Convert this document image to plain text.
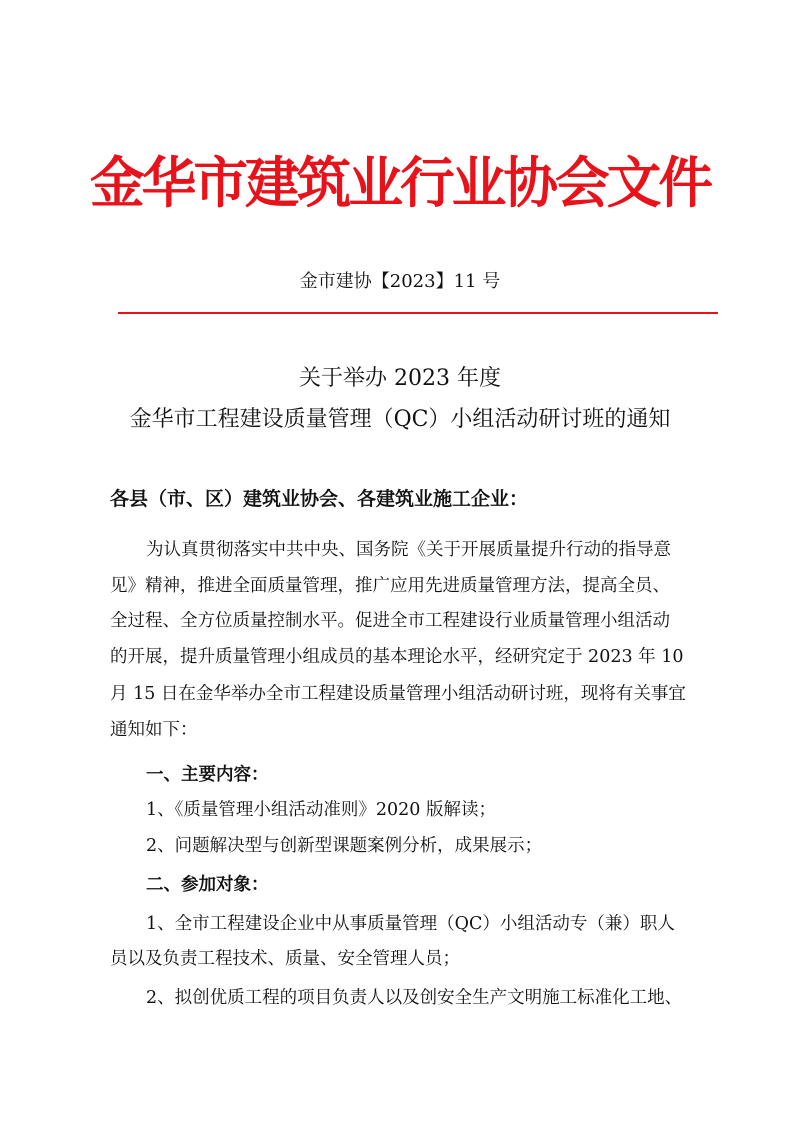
金华市建筑业行业协会文件
金市建协【2023】11 号
关于举办 2023 年度
金华市工程建设质量管理（QC）小组活动研讨班的通知
各县（市、区）建筑业协会、各建筑业施工企业：
为认真贯彻落实中共中央、国务院《关于开展质量提升行动的指导意
见》精神，推进全面质量管理，推广应用先进质量管理方法，提高全员、
全过程、全方位质量控制水平。促进全市工程建设行业质量管理小组活动
的开展，提升质量管理小组成员的基本理论水平，经研究定于 2023 年 10
月 15 日在金华举办全市工程建设质量管理小组活动研讨班，现将有关事宜
通知如下：
一、主要内容：
1、《质量管理小组活动准则》2020 版解读；
2、问题解决型与创新型课题案例分析，成果展示；
二、参加对象：
1、全市工程建设企业中从事质量管理（QC）小组活动专（兼）职人
员以及负责工程技术、质量、安全管理人员；
2、拟创优质工程的项目负责人以及创安全生产文明施工标准化工地、
